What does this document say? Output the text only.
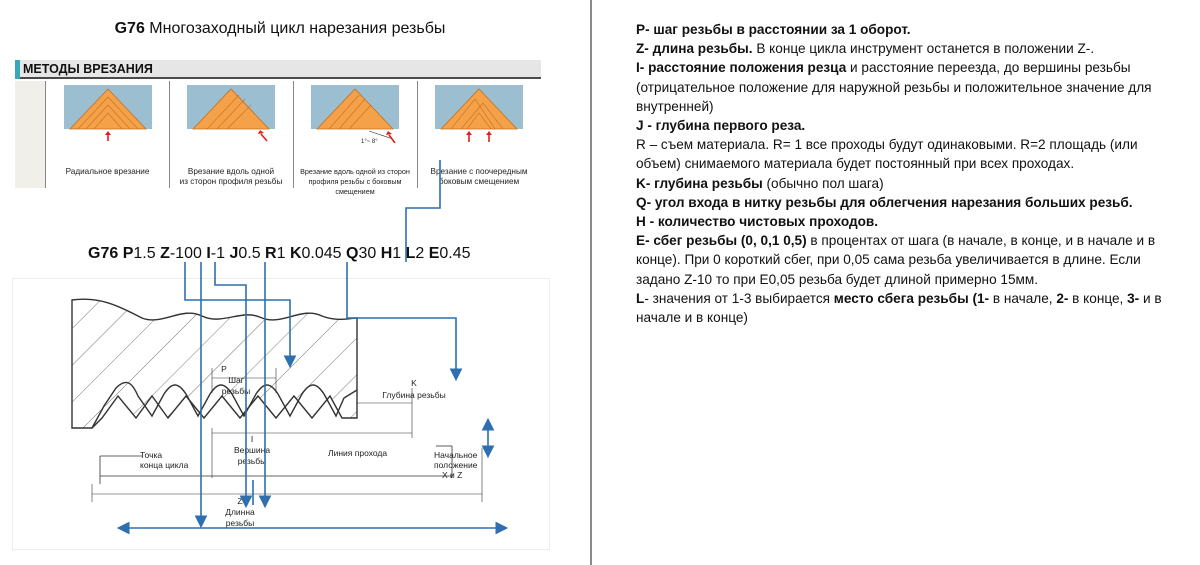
G76 Многозаходный цикл нарезания резьбы
МЕТОДЫ ВРЕЗАНИЯ
Радиальное врезание	Врезание вдоль одной
из сторон профиля резьбы
1°~ 8°
Врезание вдоль одной из сторон
профиля резьбы с боковым смещением
Врезание с поочередным
боковым смещением
G76 P1.5 Z-100 I-1 J0.5 R1 K0.045 Q30 H1 L2 E0.45
P
Шаг
резьбы
K
Глубина резьбы
I
Вершина
резьбы
Точка
конца цикла
Линия прохода	Начальное
положение
X и Z
Z
Длинна
резьбы

P- шаг резьбы в расстоянии за 1 оборот.

Z- длина резьбы. В конце цикла инструмент останется в положении Z-.

I- расстояние положения резца и расстояние переезда, до вершины резьбы (отрицательное положение для наружной резьбы и положительное значение для внутренней)

J - глубина первого реза.

R – съем материала. R= 1 все проходы будут одинаковыми. R=2 площадь (или объем) снимаемого материала будет постоянный при всех проходах.

K- глубина резьбы (обычно пол шага)

Q- угол входа в нитку резьбы для облегчения нарезания больших резьб.

H - количество чистовых проходов.

E- сбег резьбы (0, 0,1 0,5) в процентах от шага (в начале, в конце, и в начале и в конце). При 0 короткий сбег, при 0,05 сама резьба увеличивается в длине. Если задано Z-10 то при E0,05 резьба будет длиной примерно 15мм.

L- значения от 1-3 выбирается место сбега резьбы (1- в начале, 2- в конце, 3- и в начале и в конце)
